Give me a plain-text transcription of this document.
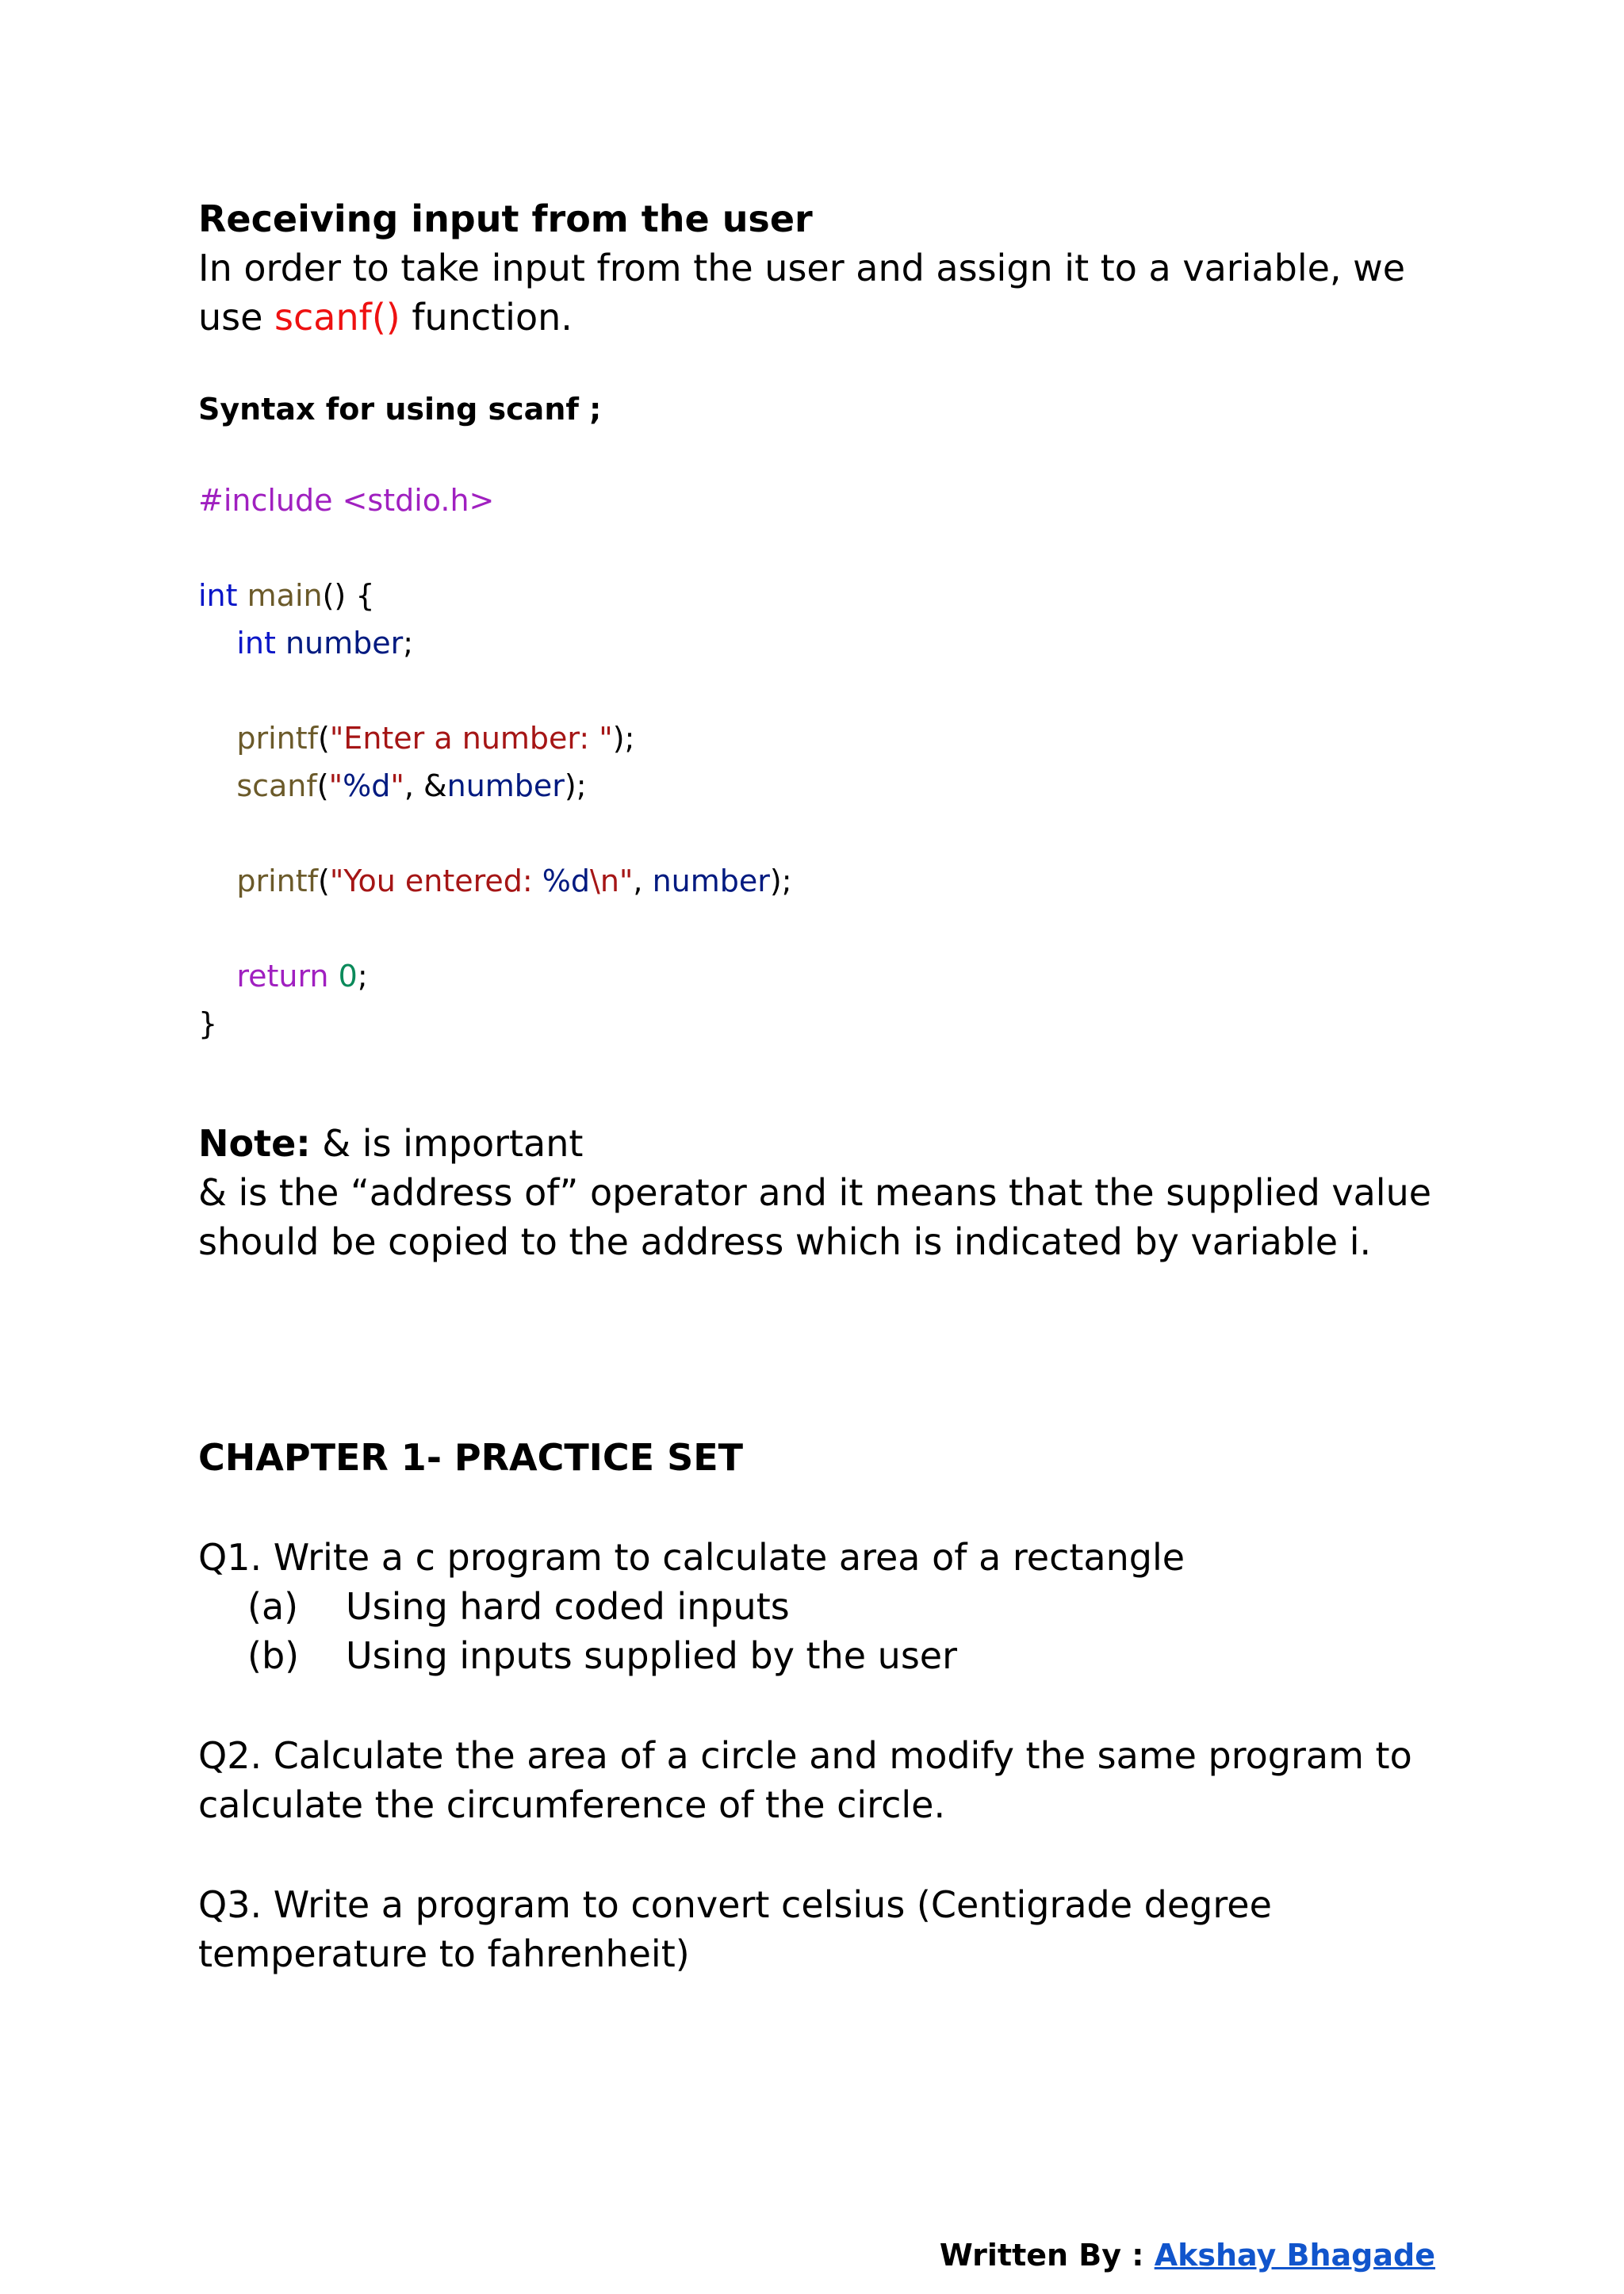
Receiving input from the user

In order to take input from the user and assign it to a variable, we use scanf() function.

Syntax for using scanf ;
#include <stdio.h>

int main() {
int number;

printf("Enter a number: ");
scanf("%d", &number);

printf("You entered: %d\n", number);

return 0;
}
Note: & is important
& is the “address of” operator and it means that the supplied value should be copied to the address which is indicated by variable i.
CHAPTER 1- PRACTICE SET
Q1. Write a c program to calculate area of a rectangle
(a)	Using hard coded inputs
(b)	Using inputs supplied by the user
Q2. Calculate the area of a circle and modify the same program to calculate the circumference of the circle.
Q3. Write a program to convert celsius (Centigrade degree temperature to fahrenheit)
Written By : Akshay Bhagade
